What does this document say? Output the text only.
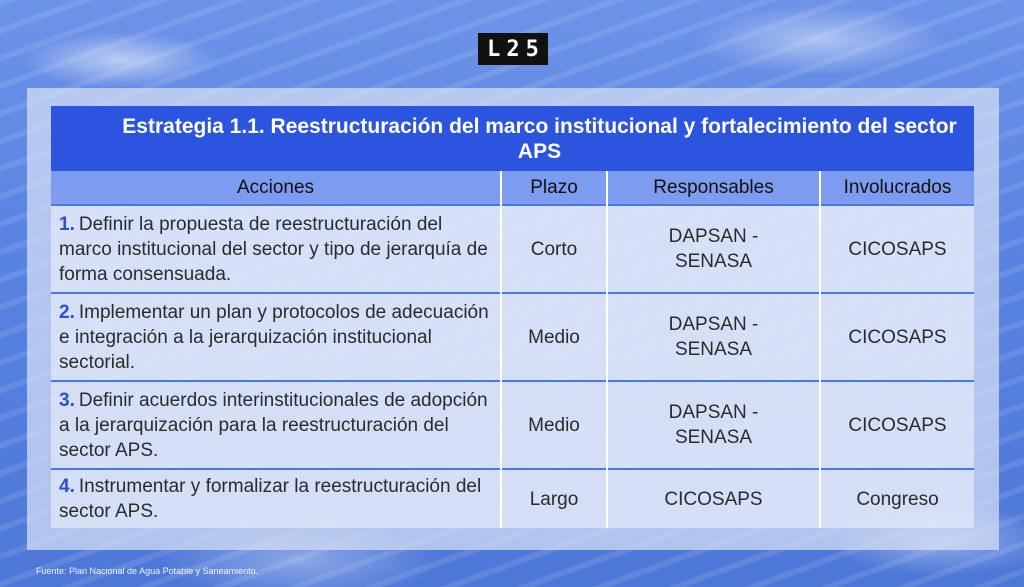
L25
Estrategia 1.1. Reestructuración del marco institucional y fortalecimiento del sector APS			

Acciones	Plazo	Responsables	Involucrados
1. Definir la propuesta de reestructuración del marco institucional del sector y tipo de jerarquía de forma consensuada.	Corto	DAPSAN - SENASA	CICOSAPS
2. Implementar un plan y protocolos de adecuación e integración a la jerarquización institucional sectorial.	Medio	DAPSAN - SENASA	CICOSAPS
3. Definir acuerdos interinstitucionales de adopción a la jerarquización para la reestructuración del sector APS.	Medio	DAPSAN - SENASA	CICOSAPS
4. Instrumentar y formalizar la reestructuración del sector APS.	Largo	CICOSAPS	Congreso
Fuente: Plan Nacional de Agua Potable y Saneamiento.
